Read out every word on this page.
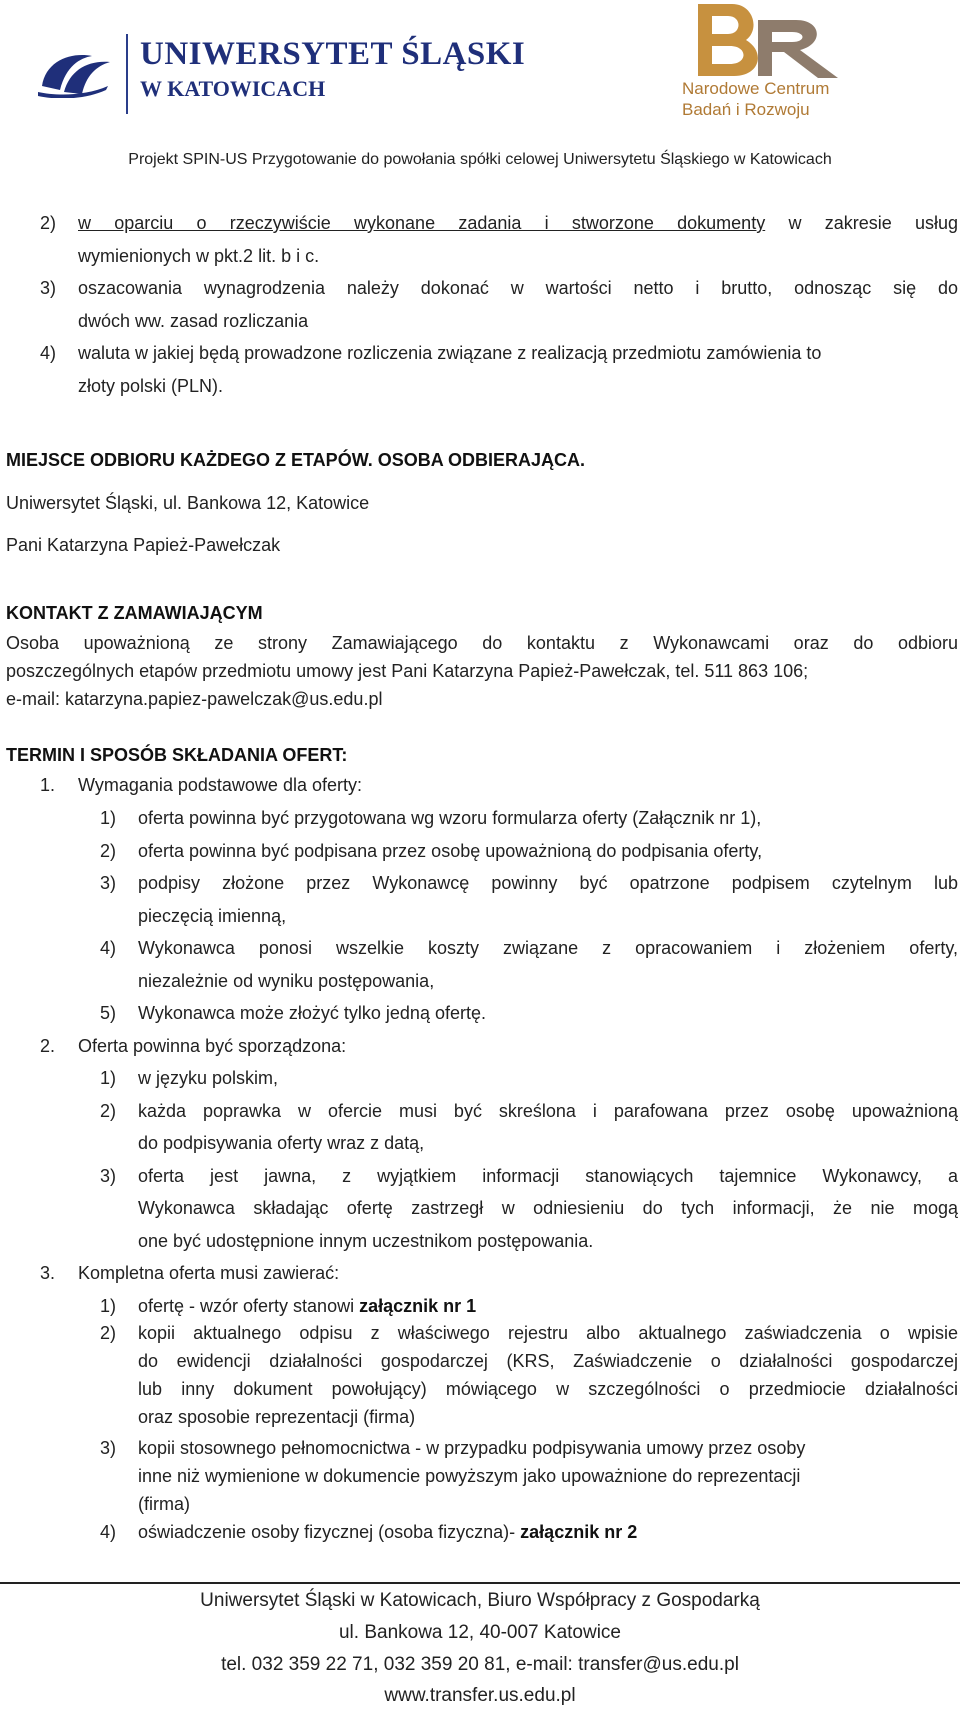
UNIWERSYTET ŚLĄSKI
W KATOWICACH	Narodowe Centrum
Badań i Rozwoju
Projekt SPIN-US Przygotowanie do powołania spółki celowej Uniwersytetu Śląskiego w Katowicach
2) w oparciu o rzeczywiście wykonane zadania i stworzone dokumenty w zakresie usług
wymienionych w pkt.2 lit. b i c.
3) oszacowania wynagrodzenia należy dokonać w wartości netto i brutto, odnosząc się do
dwóch ww. zasad rozliczania
4) waluta w jakiej będą prowadzone rozliczenia związane z realizacją przedmiotu zamówienia to
złoty polski (PLN).
MIEJSCE ODBIORU KAŻDEGO Z ETAPÓW. OSOBA ODBIERAJĄCA.
Uniwersytet Śląski, ul. Bankowa 12, Katowice
Pani Katarzyna Papież-Pawełczak
KONTAKT Z ZAMAWIAJĄCYM
Osoba upoważnioną ze strony Zamawiającego do kontaktu z Wykonawcami oraz do odbioru
poszczególnych etapów przedmiotu umowy jest Pani Katarzyna Papież-Pawełczak, tel. 511 863 106;
e-mail: katarzyna.papiez-pawelczak@us.edu.pl
TERMIN I SPOSÓB SKŁADANIA OFERT:
1. Wymagania podstawowe dla oferty:
1) oferta powinna być przygotowana wg wzoru formularza oferty (Załącznik nr 1),
2) oferta powinna być podpisana przez osobę upoważnioną do podpisania oferty,
3) podpisy złożone przez Wykonawcę powinny być opatrzone podpisem czytelnym lub
pieczęcią imienną,
4) Wykonawca ponosi wszelkie koszty związane z opracowaniem i złożeniem oferty,
niezależnie od wyniku postępowania,
5) Wykonawca może złożyć tylko jedną ofertę.
2. Oferta powinna być sporządzona:
1) w języku polskim,
2) każda poprawka w ofercie musi być skreślona i parafowana przez osobę upoważnioną
do podpisywania oferty wraz z datą,
3) oferta jest jawna, z wyjątkiem informacji stanowiących tajemnice Wykonawcy, a
Wykonawca składając ofertę zastrzegł w odniesieniu do tych informacji, że nie mogą
one być udostępnione innym uczestnikom postępowania.
3. Kompletna oferta musi zawierać:
1) ofertę - wzór oferty stanowi załącznik nr 1
2) kopii aktualnego odpisu z właściwego rejestru albo aktualnego zaświadczenia o wpisie
do ewidencji działalności gospodarczej (KRS, Zaświadczenie o działalności gospodarczej
lub inny dokument powołujący) mówiącego w szczególności o przedmiocie działalności
oraz sposobie reprezentacji (firma)
3) kopii stosownego pełnomocnictwa - w przypadku podpisywania umowy przez osoby
inne niż wymienione w dokumencie powyższym jako upoważnione do reprezentacji
(firma)
4) oświadczenie osoby fizycznej (osoba fizyczna)- załącznik nr 2
Uniwersytet Śląski w Katowicach, Biuro Współpracy z Gospodarką
ul. Bankowa 12, 40-007 Katowice
tel. 032 359 22 71, 032 359 20 81, e-mail: transfer@us.edu.pl
www.transfer.us.edu.pl
